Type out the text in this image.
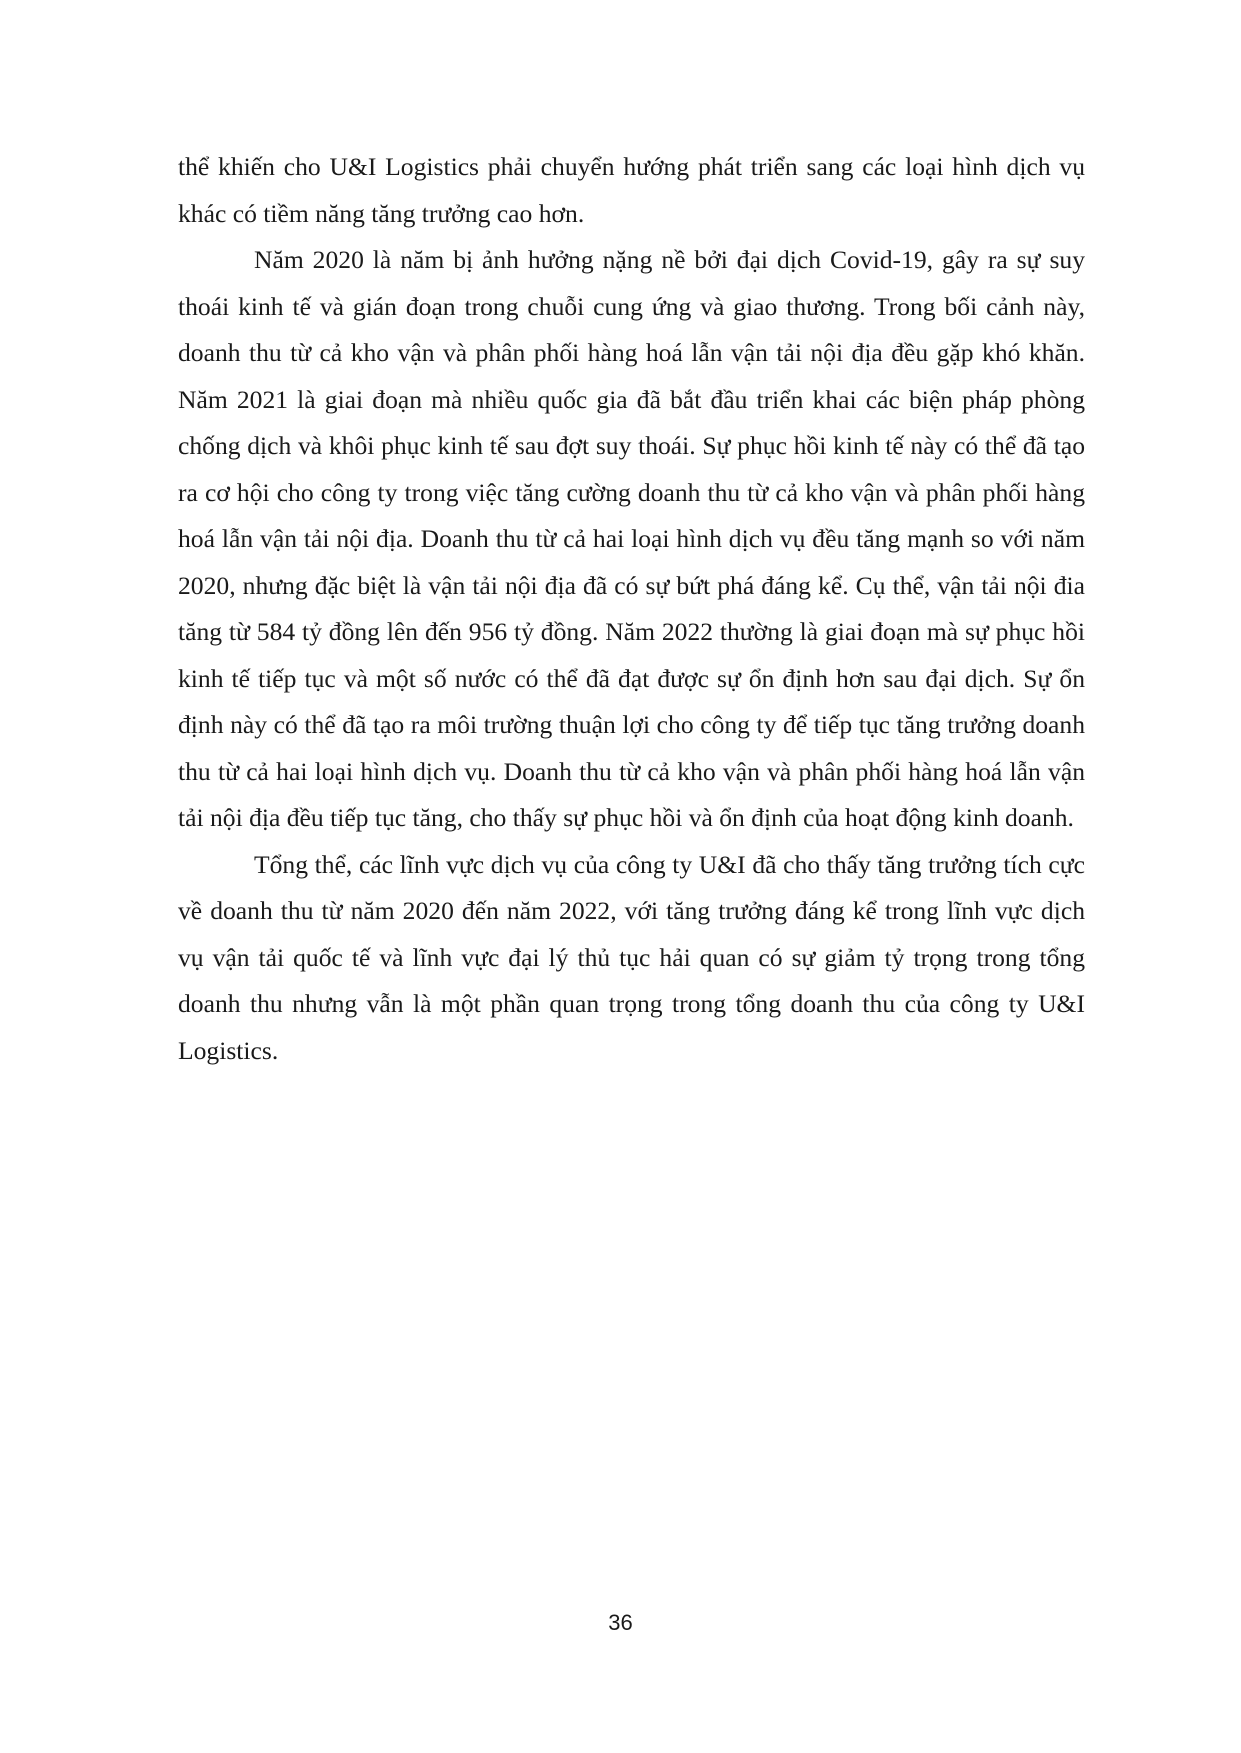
thể khiến cho U&I Logistics phải chuyển hướng phát triển sang các loại hình dịch vụ khác có tiềm năng tăng trưởng cao hơn.

Năm 2020 là năm bị ảnh hưởng nặng nề bởi đại dịch Covid-19, gây ra sự suy thoái kinh tế và gián đoạn trong chuỗi cung ứng và giao thương. Trong bối cảnh này, doanh thu từ cả kho vận và phân phối hàng hoá lẫn vận tải nội địa đều gặp khó khăn. Năm 2021 là giai đoạn mà nhiều quốc gia đã bắt đầu triển khai các biện pháp phòng chống dịch và khôi phục kinh tế sau đợt suy thoái. Sự phục hồi kinh tế này có thể đã tạo ra cơ hội cho công ty trong việc tăng cường doanh thu từ cả kho vận và phân phối hàng hoá lẫn vận tải nội địa. Doanh thu từ cả hai loại hình dịch vụ đều tăng mạnh so với năm 2020, nhưng đặc biệt là vận tải nội địa đã có sự bứt phá đáng kể. Cụ thể, vận tải nội đia tăng từ 584 tỷ đồng lên đến 956 tỷ đồng. Năm 2022 thường là giai đoạn mà sự phục hồi kinh tế tiếp tục và một số nước có thể đã đạt được sự ổn định hơn sau đại dịch. Sự ổn định này có thể đã tạo ra môi trường thuận lợi cho công ty để tiếp tục tăng trưởng doanh thu từ cả hai loại hình dịch vụ. Doanh thu từ cả kho vận và phân phối hàng hoá lẫn vận tải nội địa đều tiếp tục tăng, cho thấy sự phục hồi và ổn định của hoạt động kinh doanh.

Tổng thể, các lĩnh vực dịch vụ của công ty U&I đã cho thấy tăng trưởng tích cực về doanh thu từ năm 2020 đến năm 2022, với tăng trưởng đáng kể trong lĩnh vực dịch vụ vận tải quốc tế và lĩnh vực đại lý thủ tục hải quan có sự giảm tỷ trọng trong tổng doanh thu nhưng vẫn là một phần quan trọng trong tổng doanh thu của công ty U&I Logistics.

36
